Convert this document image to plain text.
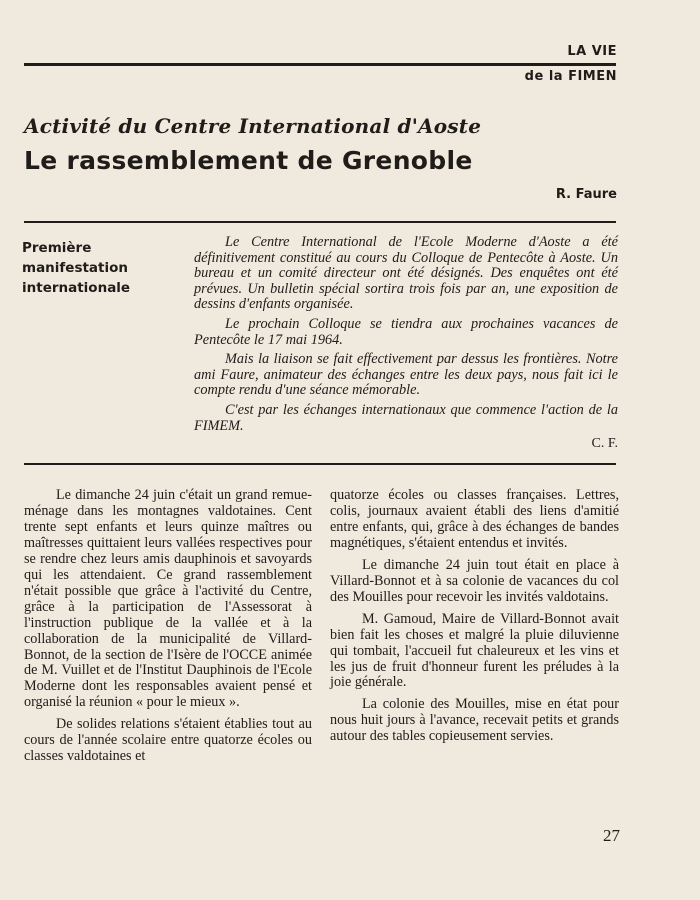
LA VIE
de la FIMEN
Activité du Centre International d'Aoste
Le rassemblement de Grenoble
R. Faure
Première
manifestation
internationale

Le Centre International de l'Ecole Moderne d'Aoste a été définitivement constitué au cours du Colloque de Pentecôte à Aoste. Un bureau et un comité directeur ont été désignés. Des enquêtes ont été prévues. Un bulletin spécial sortira trois fois par an, une exposition de dessins d'enfants organisée.

Le prochain Colloque se tiendra aux prochaines vacances de Pentecôte le 17 mai 1964.

Mais la liaison se fait effectivement par dessus les frontières. Notre ami Faure, animateur des échanges entre les deux pays, nous fait ici le compte rendu d'une séance mémorable.

C'est par les échanges internationaux que commence l'action de la FIMEM.

C. F.

Le dimanche 24 juin c'était un grand remue-ménage dans les montagnes valdotaines. Cent trente sept enfants et leurs quinze maîtres ou maîtresses quittaient leurs vallées respectives pour se rendre chez leurs amis dauphinois et savoyards qui les attendaient. Ce grand rassemblement n'était possible que grâce à l'activité du Centre, grâce à la participation de l'Assessorat à l'instruction publique de la vallée et à la collaboration de la municipalité de Villard-Bonnot, de la section de l'Isère de l'OCCE animée de M. Vuillet et de l'Institut Dauphinois de l'Ecole Moderne dont les responsables avaient pensé et organisé la réunion « pour le mieux ».

De solides relations s'étaient établies tout au cours de l'année scolaire entre quatorze écoles ou classes valdotaines et

quatorze écoles ou classes françaises. Lettres, colis, journaux avaient établi des liens d'amitié entre enfants, qui, grâce à des échanges de bandes magnétiques, s'étaient entendus et invités.

Le dimanche 24 juin tout était en place à Villard-Bonnot et à sa colonie de vacances du col des Mouilles pour recevoir les invités valdotains.

M. Gamoud, Maire de Villard-Bonnot avait bien fait les choses et malgré la pluie diluvienne qui tombait, l'accueil fut chaleureux et les vins et les jus de fruit d'honneur furent les préludes à la joie générale.

La colonie des Mouilles, mise en état pour nous huit jours à l'avance, recevait petits et grands autour des tables copieusement servies.

27
